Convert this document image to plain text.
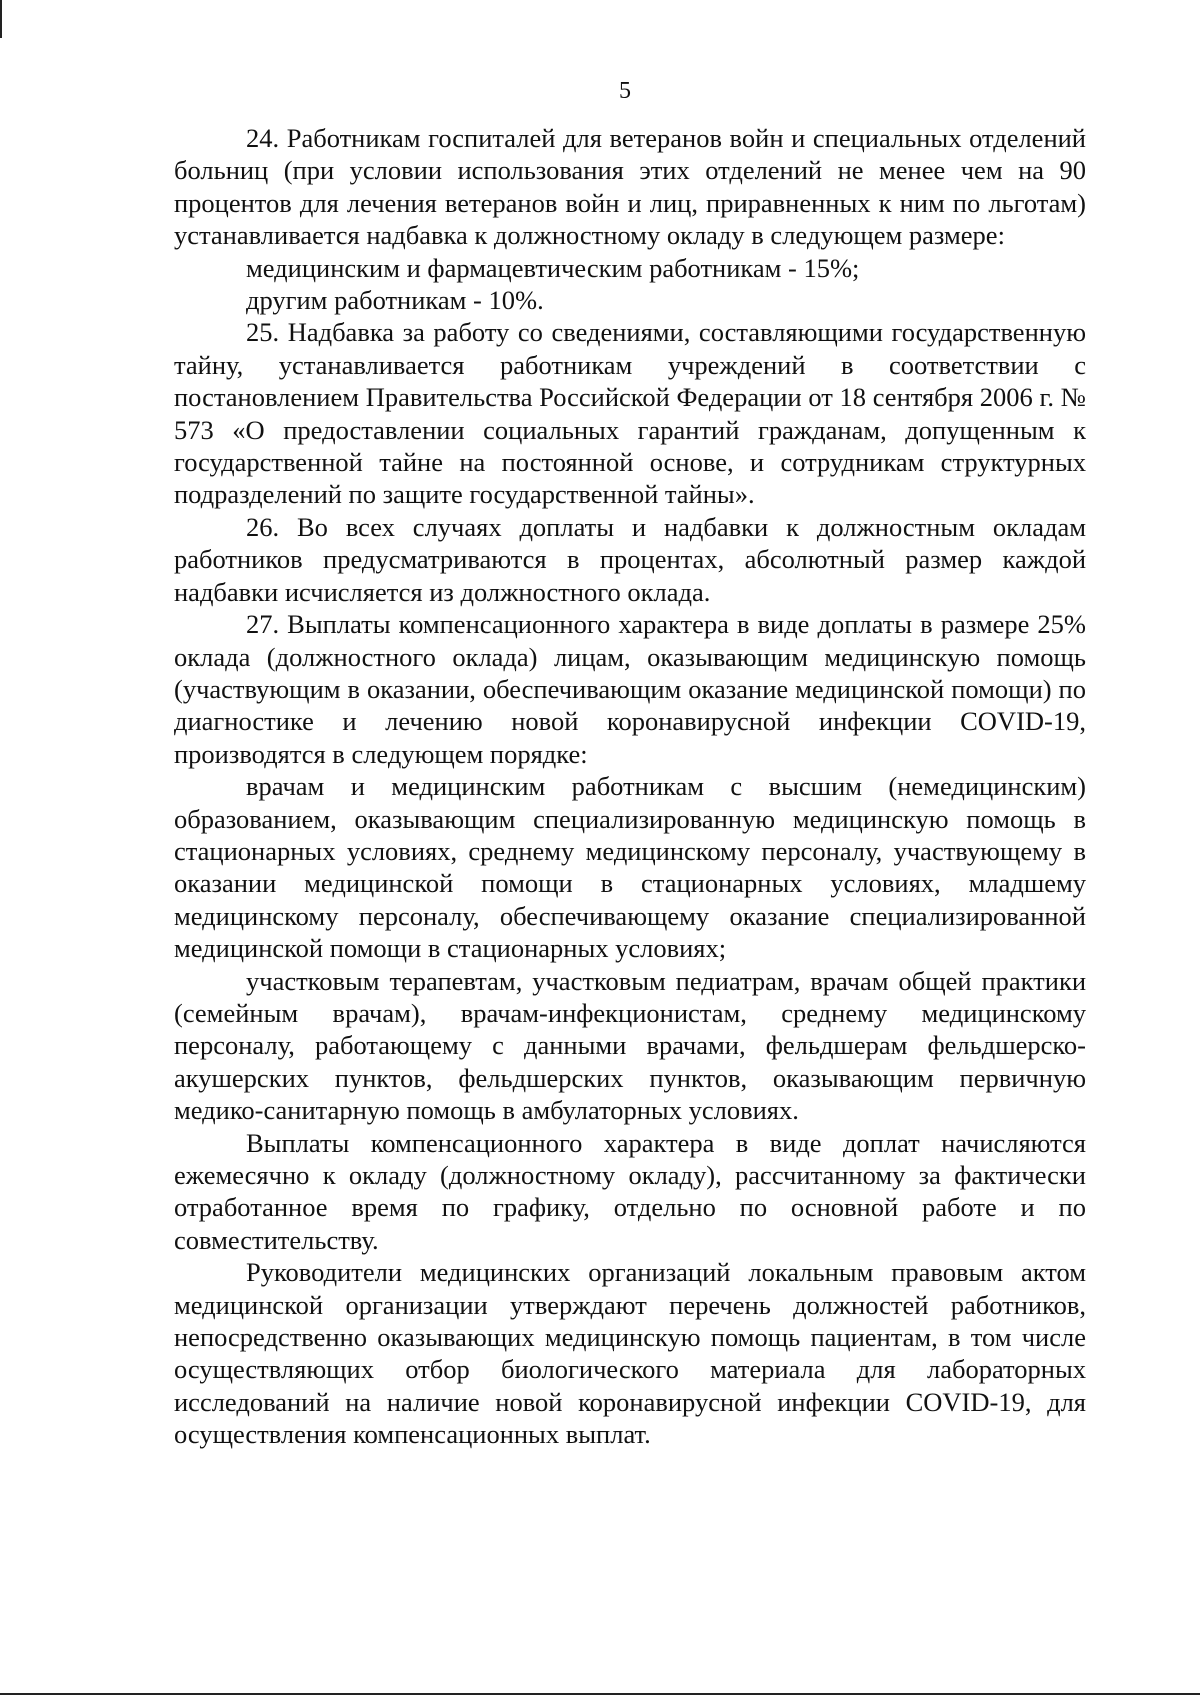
5

24. Работникам госпиталей для ветеранов войн и специальных отделений больниц (при условии использования этих отделений не менее чем на 90 процентов для лечения ветеранов войн и лиц, приравненных к ним по льготам) устанавливается надбавка к должностному окладу в следующем размере:

медицинским и фармацевтическим работникам - 15%;

другим работникам - 10%.

25. Надбавка за работу со сведениями, составляющими государственную тайну, устанавливается работникам учреждений в соответствии с постановлением Правительства Российской Федерации от 18 сентября 2006 г. № 573 «О предоставлении социальных гарантий гражданам, допущенным к государственной тайне на постоянной основе, и сотрудникам структурных подразделений по защите государственной тайны».

26. Во всех случаях доплаты и надбавки к должностным окладам работников предусматриваются в процентах, абсолютный размер каждой надбавки исчисляется из должностного оклада.

27. Выплаты компенсационного характера в виде доплаты в размере 25% оклада (должностного оклада) лицам, оказывающим медицинскую помощь (участвующим в оказании, обеспечивающим оказание медицинской помощи) по диагностике и лечению новой коронавирусной инфекции COVID-19, производятся в следующем порядке:

врачам и медицинским работникам с высшим (немедицинским) образованием, оказывающим специализированную медицинскую помощь в стационарных условиях, среднему медицинскому персоналу, участвующему в оказании медицинской помощи в стационарных условиях, младшему медицинскому персоналу, обеспечивающему оказание специализированной медицинской помощи в стационарных условиях;

участковым терапевтам, участковым педиатрам, врачам общей практики (семейным врачам), врачам-инфекционистам, среднему медицинскому персоналу, работающему с данными врачами, фельдшерам фельдшерско-акушерских пунктов, фельдшерских пунктов, оказывающим первичную медико-санитарную помощь в амбулаторных условиях.

Выплаты компенсационного характера в виде доплат начисляются ежемесячно к окладу (должностному окладу), рассчитанному за фактически отработанное время по графику, отдельно по основной работе и по совместительству.

Руководители медицинских организаций локальным правовым актом медицинской организации утверждают перечень должностей работников, непосредственно оказывающих медицинскую помощь пациентам, в том числе осуществляющих отбор биологического материала для лабораторных исследований на наличие новой коронавирусной инфекции COVID-19, для осуществления компенсационных выплат.
